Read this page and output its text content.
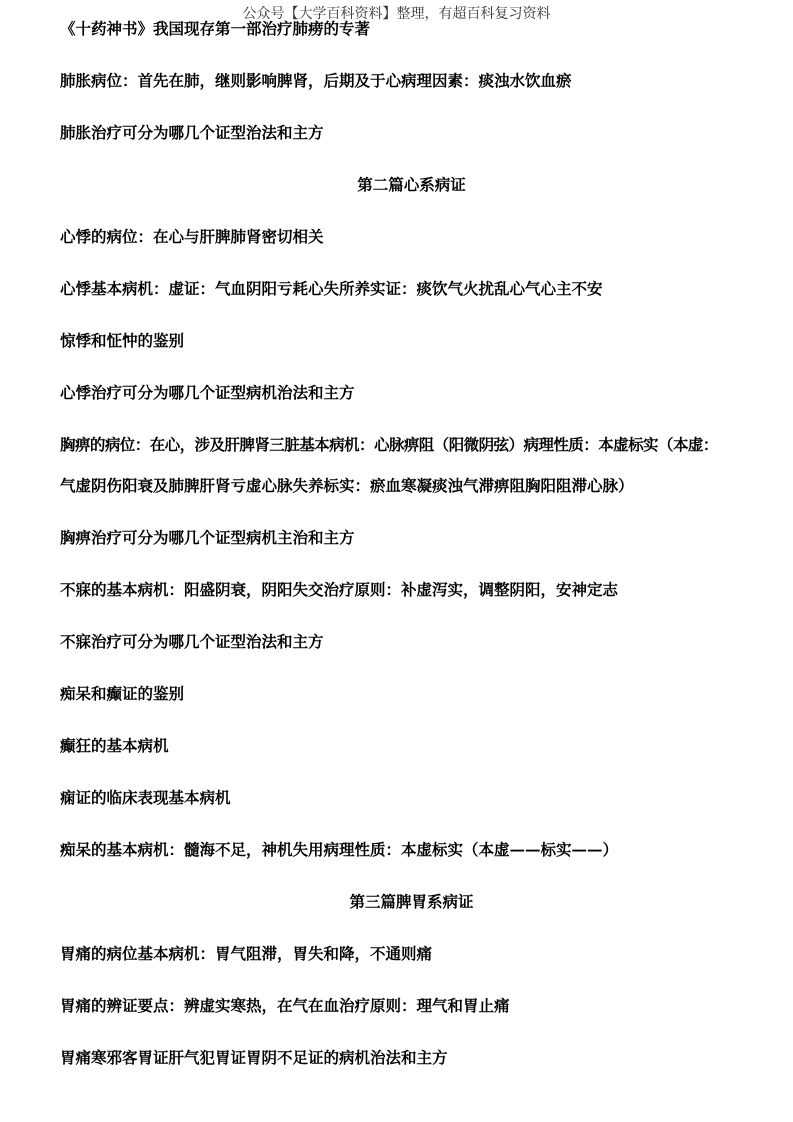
公众号【大学百科资料】整理，有超百科复习资料
《十药神书》我国现存第一部治疗肺痨的专著
肺胀病位：首先在肺，继则影响脾肾，后期及于心病理因素：痰浊水饮血瘀
肺胀治疗可分为哪几个证型治法和主方
第二篇心系病证
心悸的病位：在心与肝脾肺肾密切相关
心悸基本病机：虚证：气血阴阳亏耗心失所养实证：痰饮气火扰乱心气心主不安
惊悸和怔忡的鉴别
心悸治疗可分为哪几个证型病机治法和主方
胸痹的病位：在心，涉及肝脾肾三脏基本病机：心脉痹阻（阳微阴弦）病理性质：本虚标实（本虚：
气虚阴伤阳衰及肺脾肝肾亏虚心脉失养标实：瘀血寒凝痰浊气滞痹阻胸阳阻滞心脉）
胸痹治疗可分为哪几个证型病机主治和主方
不寐的基本病机：阳盛阴衰，阴阳失交治疗原则：补虚泻实，调整阴阳，安神定志
不寐治疗可分为哪几个证型治法和主方
痴呆和癫证的鉴别
癫狂的基本病机
痫证的临床表现基本病机
痴呆的基本病机：髓海不足，神机失用病理性质：本虚标实（本虚——标实——）
第三篇脾胃系病证
胃痛的病位基本病机：胃气阻滞，胃失和降，不通则痛
胃痛的辨证要点：辨虚实寒热，在气在血治疗原则：理气和胃止痛
胃痛寒邪客胃证肝气犯胃证胃阴不足证的病机治法和主方
